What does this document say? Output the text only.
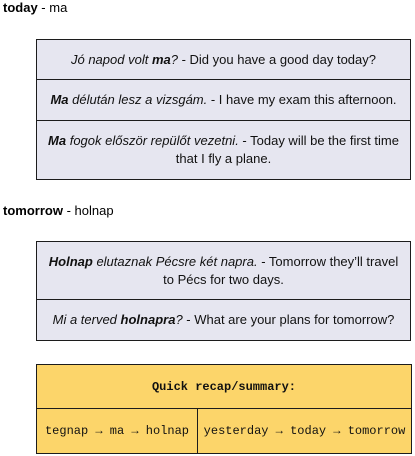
today - ma
Jó napod volt ma? - Did you have a good day today?
Ma délután lesz a vizsgám. - I have my exam this afternoon.
Ma fogok először repülőt vezetni. - Today will be the first time that I fly a plane.
tomorrow - holnap
Holnap elutaznak Pécsre két napra. - Tomorrow they’ll travel to Pécs for two days.
Mi a terved holnapra? - What are your plans for tomorrow?
Quick recap/summary:
tegnap → ma → holnap	yesterday → today → tomorrow
